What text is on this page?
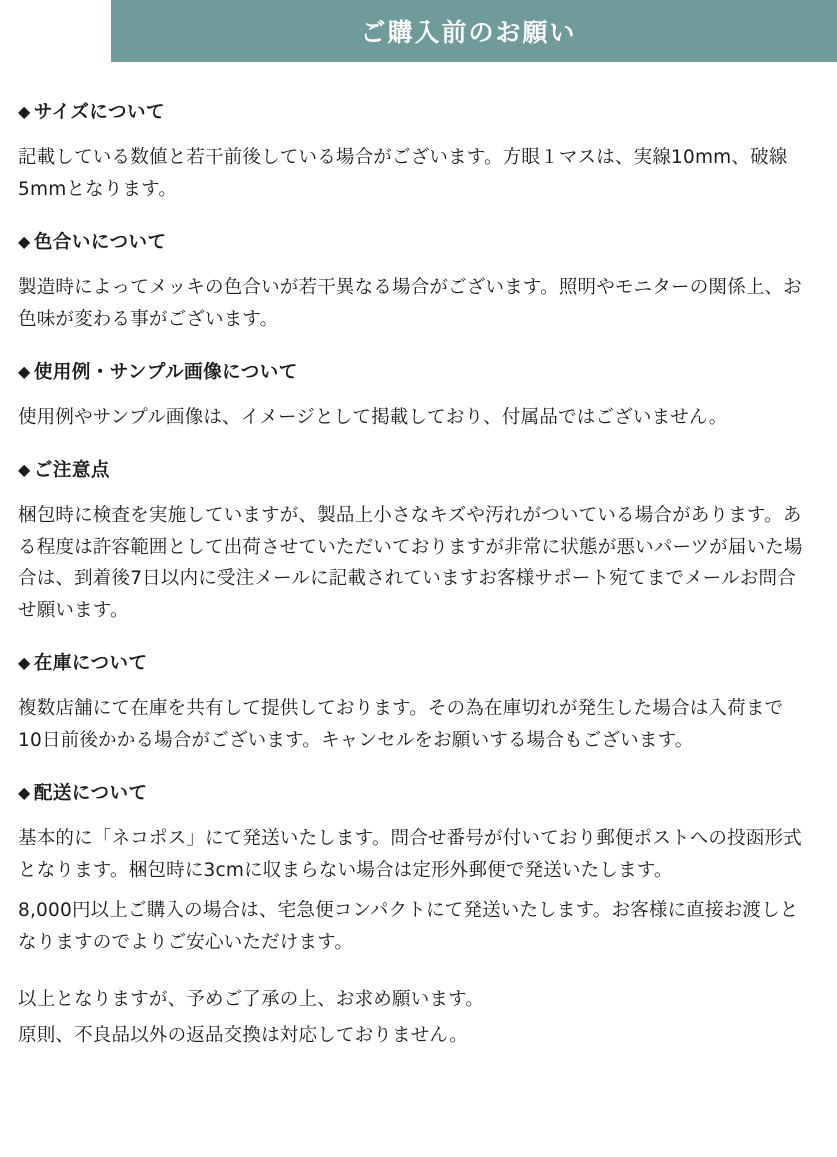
ご購入前のお願い
◆ サイズについて

記載している数値と若干前後している場合がございます。方眼１マスは、実線10mm、破線5mmとなります。

◆ 色合いについて

製造時によってメッキの色合いが若干異なる場合がございます。照明やモニターの関係上、お色味が変わる事がございます。

◆ 使用例・サンプル画像について

使用例やサンプル画像は、イメージとして掲載しており、付属品ではございません。

◆ ご注意点

梱包時に検査を実施していますが、製品上小さなキズや汚れがついている場合があります。ある程度は許容範囲として出荷させていただいておりますが非常に状態が悪いパーツが届いた場合は、到着後7日以内に受注メールに記載されていますお客様サポート宛てまでメールお問合せ願います。

◆ 在庫について

複数店舗にて在庫を共有して提供しております。その為在庫切れが発生した場合は入荷まで10日前後かかる場合がございます。キャンセルをお願いする場合もございます。

◆ 配送について

基本的に「ネコポス」にて発送いたします。問合せ番号が付いており郵便ポストへの投函形式となります。梱包時に3cmに収まらない場合は定形外郵便で発送いたします。

8,000円以上ご購入の場合は、宅急便コンパクトにて発送いたします。お客様に直接お渡しとなりますのでよりご安心いただけます。

以上となりますが、予めご了承の上、お求め願います。

原則、不良品以外の返品交換は対応しておりません。
